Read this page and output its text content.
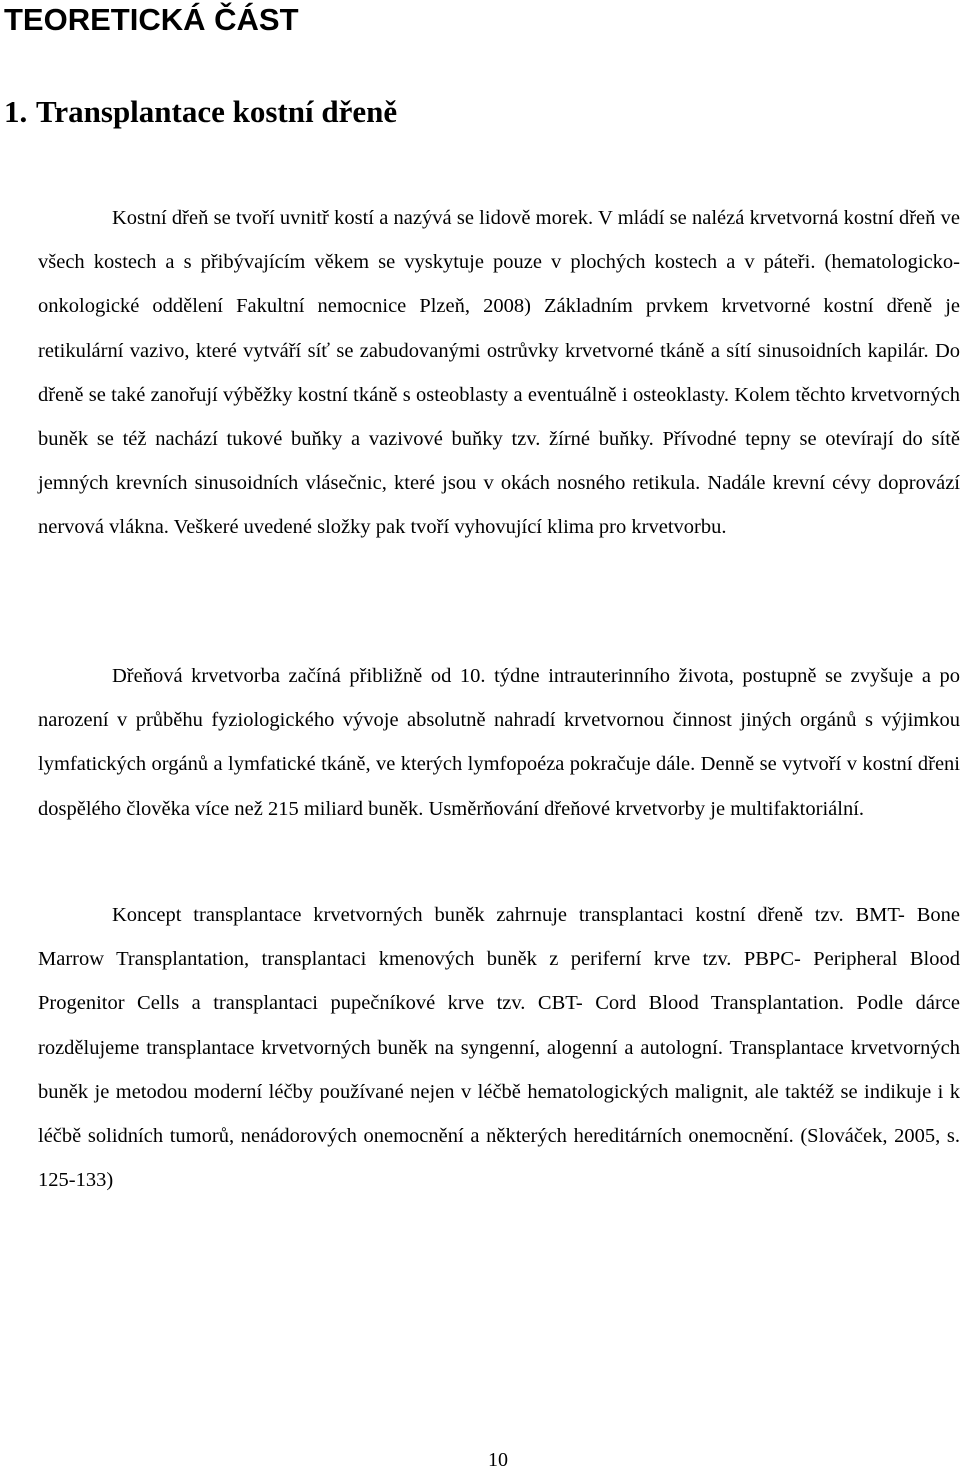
TEORETICKÁ ČÁST
1. Transplantace kostní dřeně

Kostní dřeň se tvoří uvnitř kostí a nazývá se lidově morek. V mládí se nalézá krvetvorná kostní dřeň ve všech kostech a s přibývajícím věkem se vyskytuje pouze v plochých kostech a v páteři. (hematologicko-onkologické oddělení Fakultní nemocnice Plzeň, 2008) Základním prvkem krvetvorné kostní dřeně je retikulární vazivo, které vytváří síť se zabudovanými ostrůvky krvetvorné tkáně a sítí sinusoidních kapilár. Do dřeně se také zanořují výběžky kostní tkáně s osteoblasty a eventuálně i osteoklasty. Kolem těchto krvetvorných buněk se též nachází tukové buňky a vazivové buňky tzv. žírné buňky. Přívodné tepny se otevírají do sítě jemných krevních sinusoidních vlásečnic, které jsou v okách nosného retikula. Nadále krevní cévy doprovází nervová vlákna. Veškeré uvedené složky pak tvoří vyhovující klima pro krvetvorbu.

Dřeňová krvetvorba začíná přibližně od 10. týdne intrauterinního života, postupně se zvyšuje a po narození v průběhu fyziologického vývoje absolutně nahradí krvetvornou činnost jiných orgánů s výjimkou lymfatických orgánů a lymfatické tkáně, ve kterých lymfopoéza pokračuje dále. Denně se vytvoří v kostní dřeni dospělého člověka více než 215 miliard buněk. Usměrňování dřeňové krvetvorby je multifaktoriální.

Koncept transplantace krvetvorných buněk zahrnuje transplantaci kostní dřeně tzv. BMT- Bone Marrow Transplantation, transplantaci kmenových buněk z periferní krve tzv. PBPC- Peripheral Blood Progenitor Cells a transplantaci pupečníkové krve tzv. CBT- Cord Blood Transplantation. Podle dárce rozdělujeme transplantace krvetvorných buněk na syngenní, alogenní a autologní. Transplantace krvetvorných buněk je metodou moderní léčby používané nejen v léčbě hematologických malignit, ale taktéž se indikuje i k léčbě solidních tumorů, nenádorových onemocnění a některých hereditárních onemocnění. (Slováček, 2005, s. 125-133)

10
